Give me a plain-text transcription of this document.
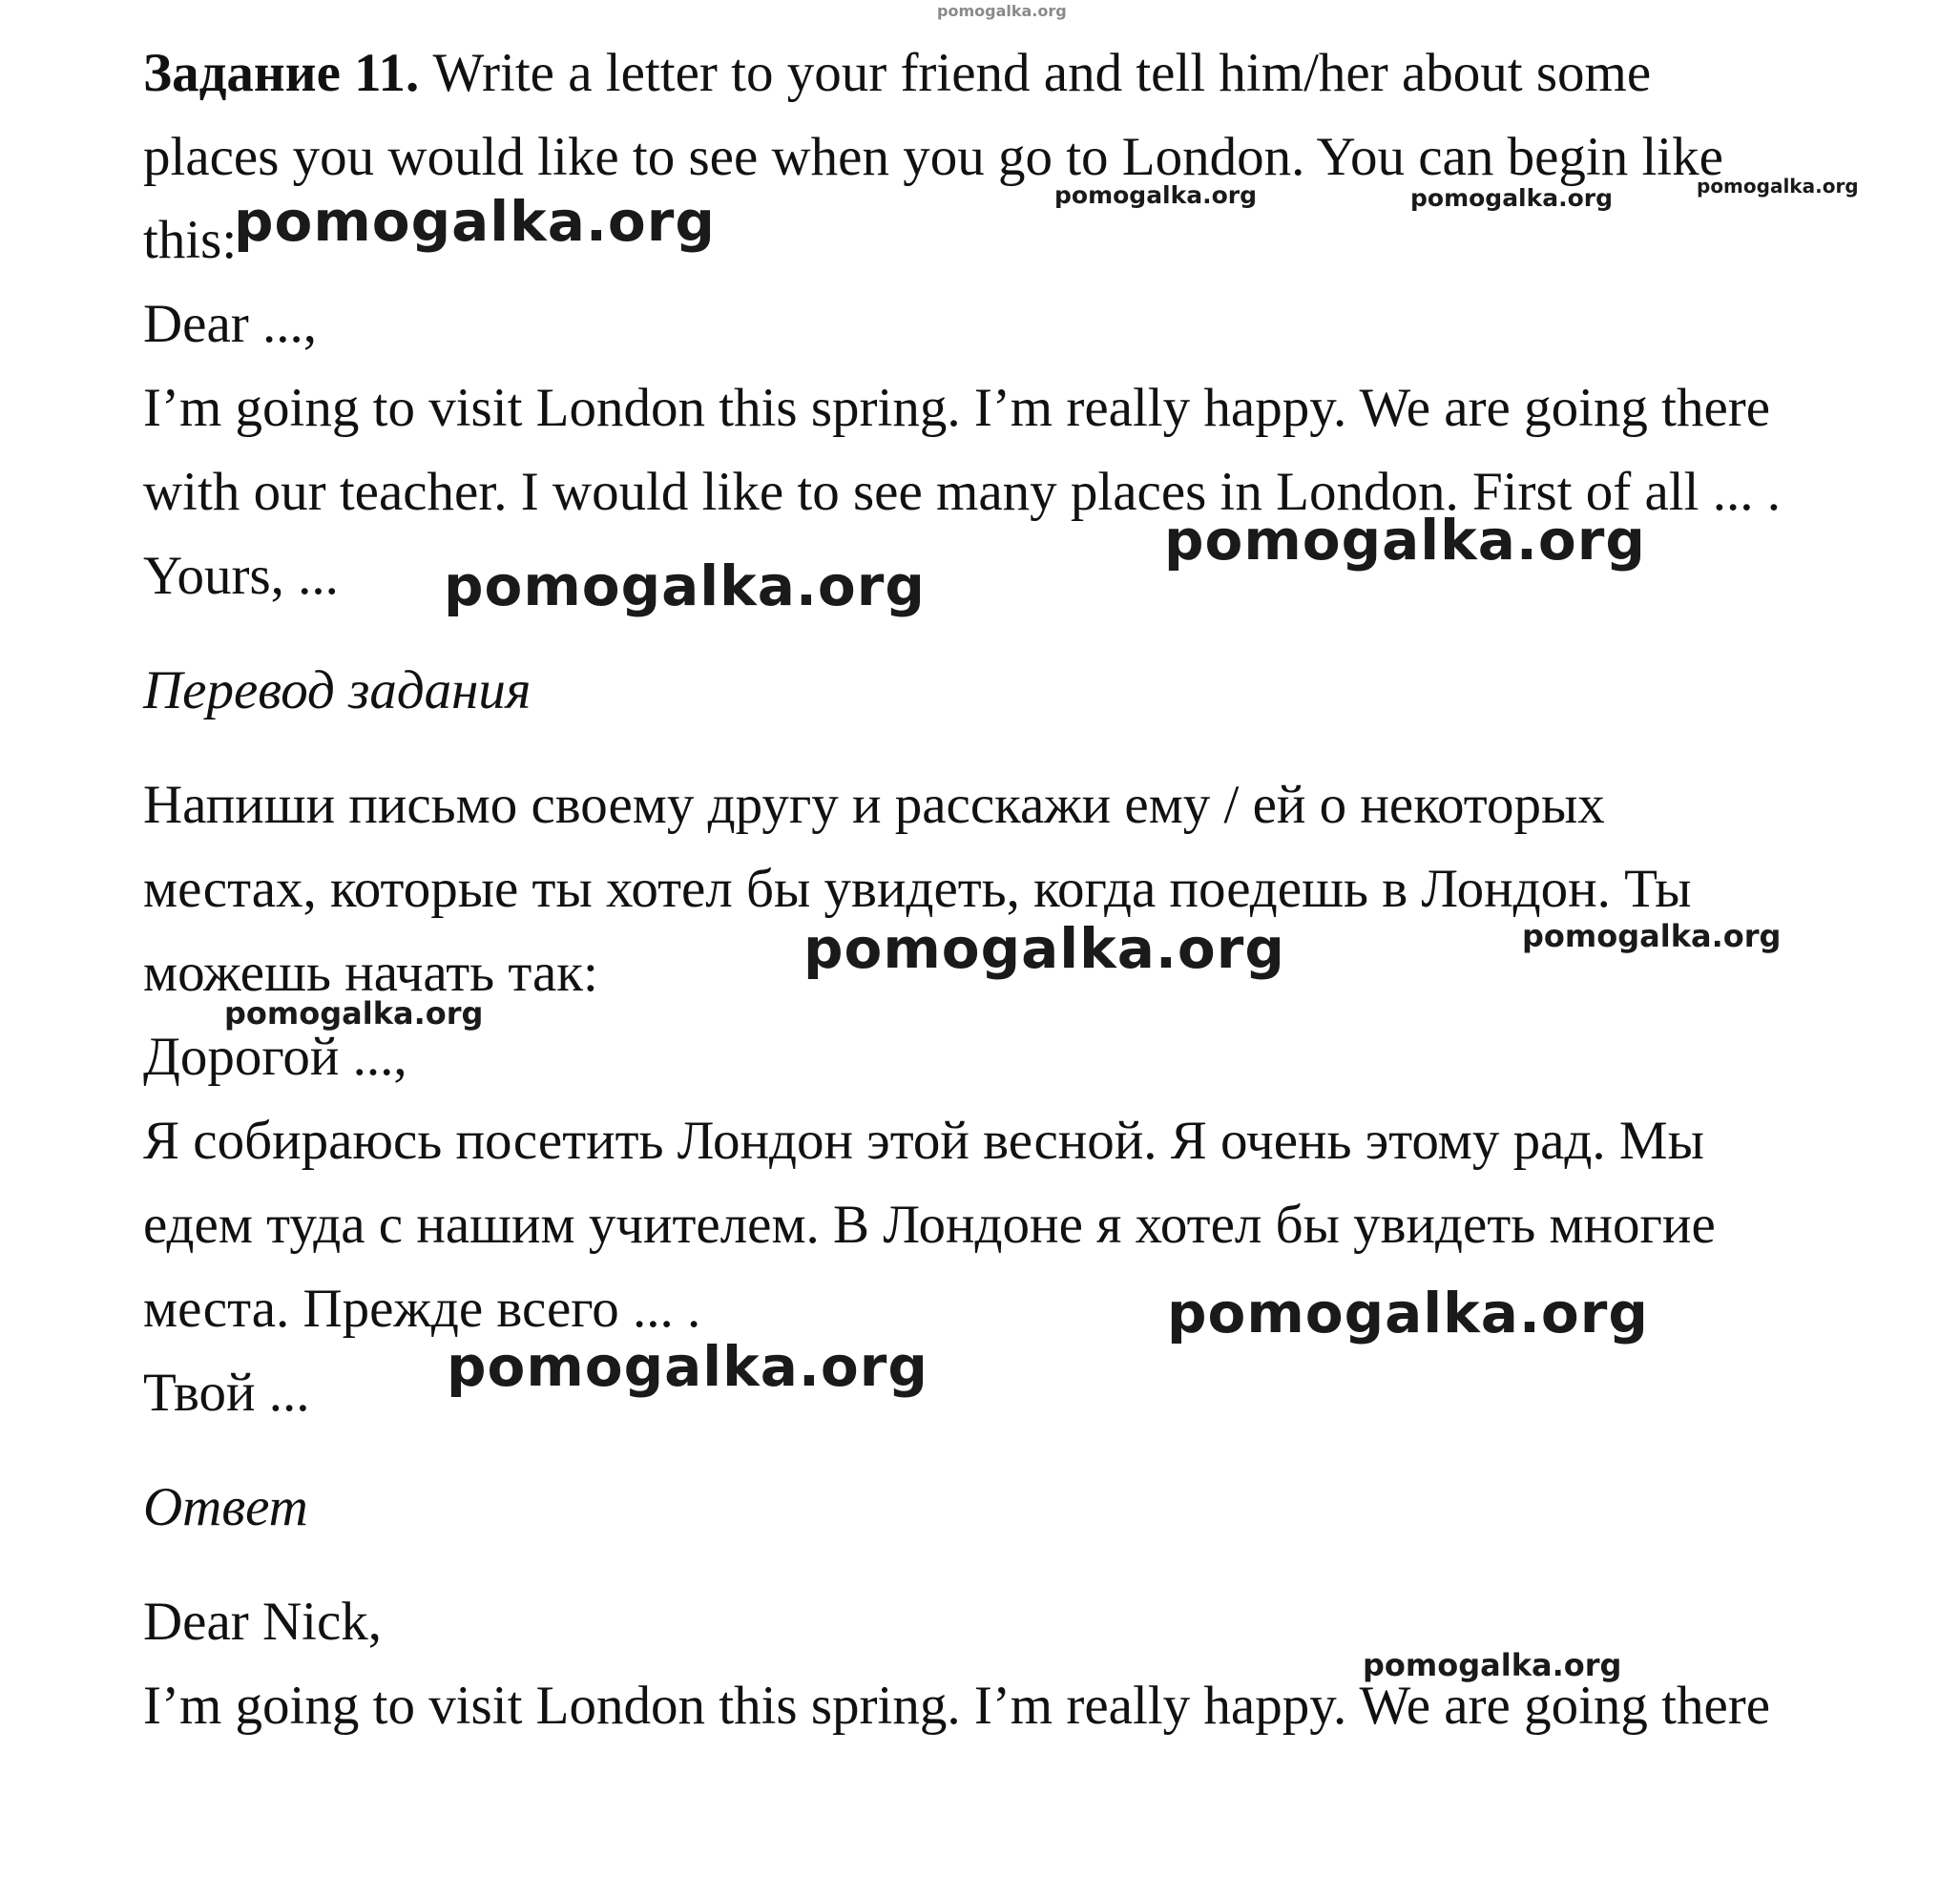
Задание 11. Write a letter to your friend and tell him/her about some
places you would like to see when you go to London. You can begin like
this:
Dear ...,
I’m going to visit London this spring. I’m really happy. We are going there
with our teacher. I would like to see many places in London. First of all ... .
Yours, ...
Перевод задания
Напиши письмо своему другу и расскажи ему / ей о некоторых
местах, которые ты хотел бы увидеть, когда поедешь в Лондон. Ты
можешь начать так:
Дорогой ...,
Я собираюсь посетить Лондон этой весной. Я очень этому рад. Мы
едем туда с нашим учителем. В Лондоне я хотел бы увидеть многие
места. Прежде всего ... .
Твой ...
Ответ
Dear Nick,
I’m going to visit London this spring. I’m really happy. We are going there
pomogalka.org
pomogalka.org	pomogalka.org	pomogalka.org	pomogalka.org
pomogalka.org
pomogalka.org
pomogalka.org	pomogalka.org
pomogalka.org
pomogalka.org
pomogalka.org
pomogalka.org
